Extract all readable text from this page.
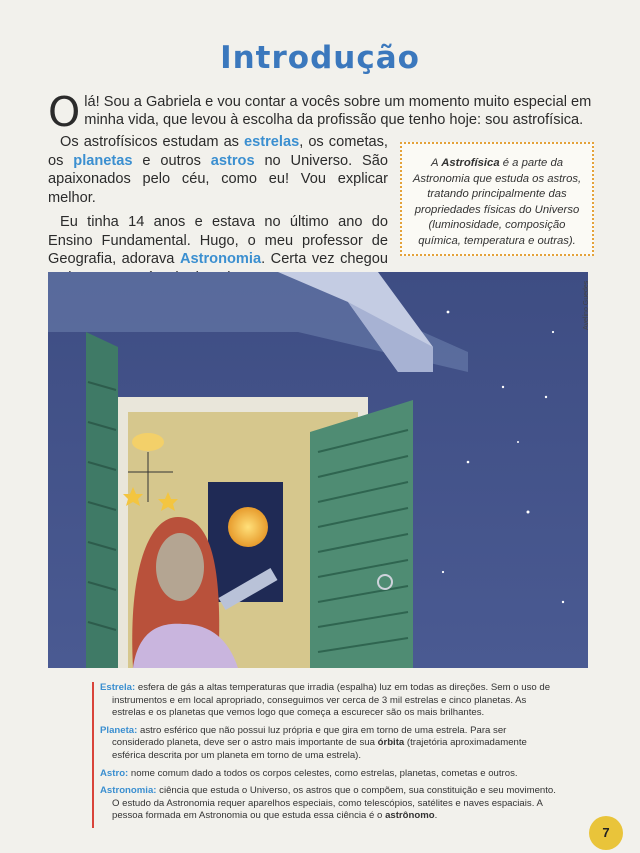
Introdução

Olá! Sou a Gabriela e vou contar a vocês sobre um momento muito especial em minha vida, que levou à escolha da profissão que tenho hoje: sou astrofísica.

Os astrofísicos estudam as estrelas, os cometas, os planetas e outros astros no Universo. São apaixonados pelo céu, como eu! Vou explicar melhor.

Eu tinha 14 anos e estava no último ano do Ensino Fundamental. Hugo, o meu professor de Geografia, adorava Astronomia. Certa vez chegou

A Astrofísica é a parte da Astronomia que estuda os astros, tratando principalmente das propriedades físicas do Universo (luminosidade, composição química, temperatura e outras).
Avelino Guedes
Estrela: esfera de gás a altas temperaturas que irradia (espalha) luz em todas as direções. Sem o uso de instrumentos e em local apropriado, conseguimos ver cerca de 3 mil estrelas e cinco planetas. As estrelas e os planetas que vemos logo que começa a escurecer são os mais brilhantes.
Planeta: astro esférico que não possui luz própria e que gira em torno de uma estrela. Para ser considerado planeta, deve ser o astro mais importante de sua órbita (trajetória aproximadamente esférica descrita por um planeta em torno de uma estrela).
Astro: nome comum dado a todos os corpos celestes, como estrelas, planetas, cometas e outros.
Astronomia: ciência que estuda o Universo, os astros que o compõem, sua constituição e seu movimento. O estudo da Astronomia requer aparelhos especiais, como telescópios, satélites e naves espaciais. A pessoa formada em Astronomia ou que estuda essa ciência é o astrônomo.
7
